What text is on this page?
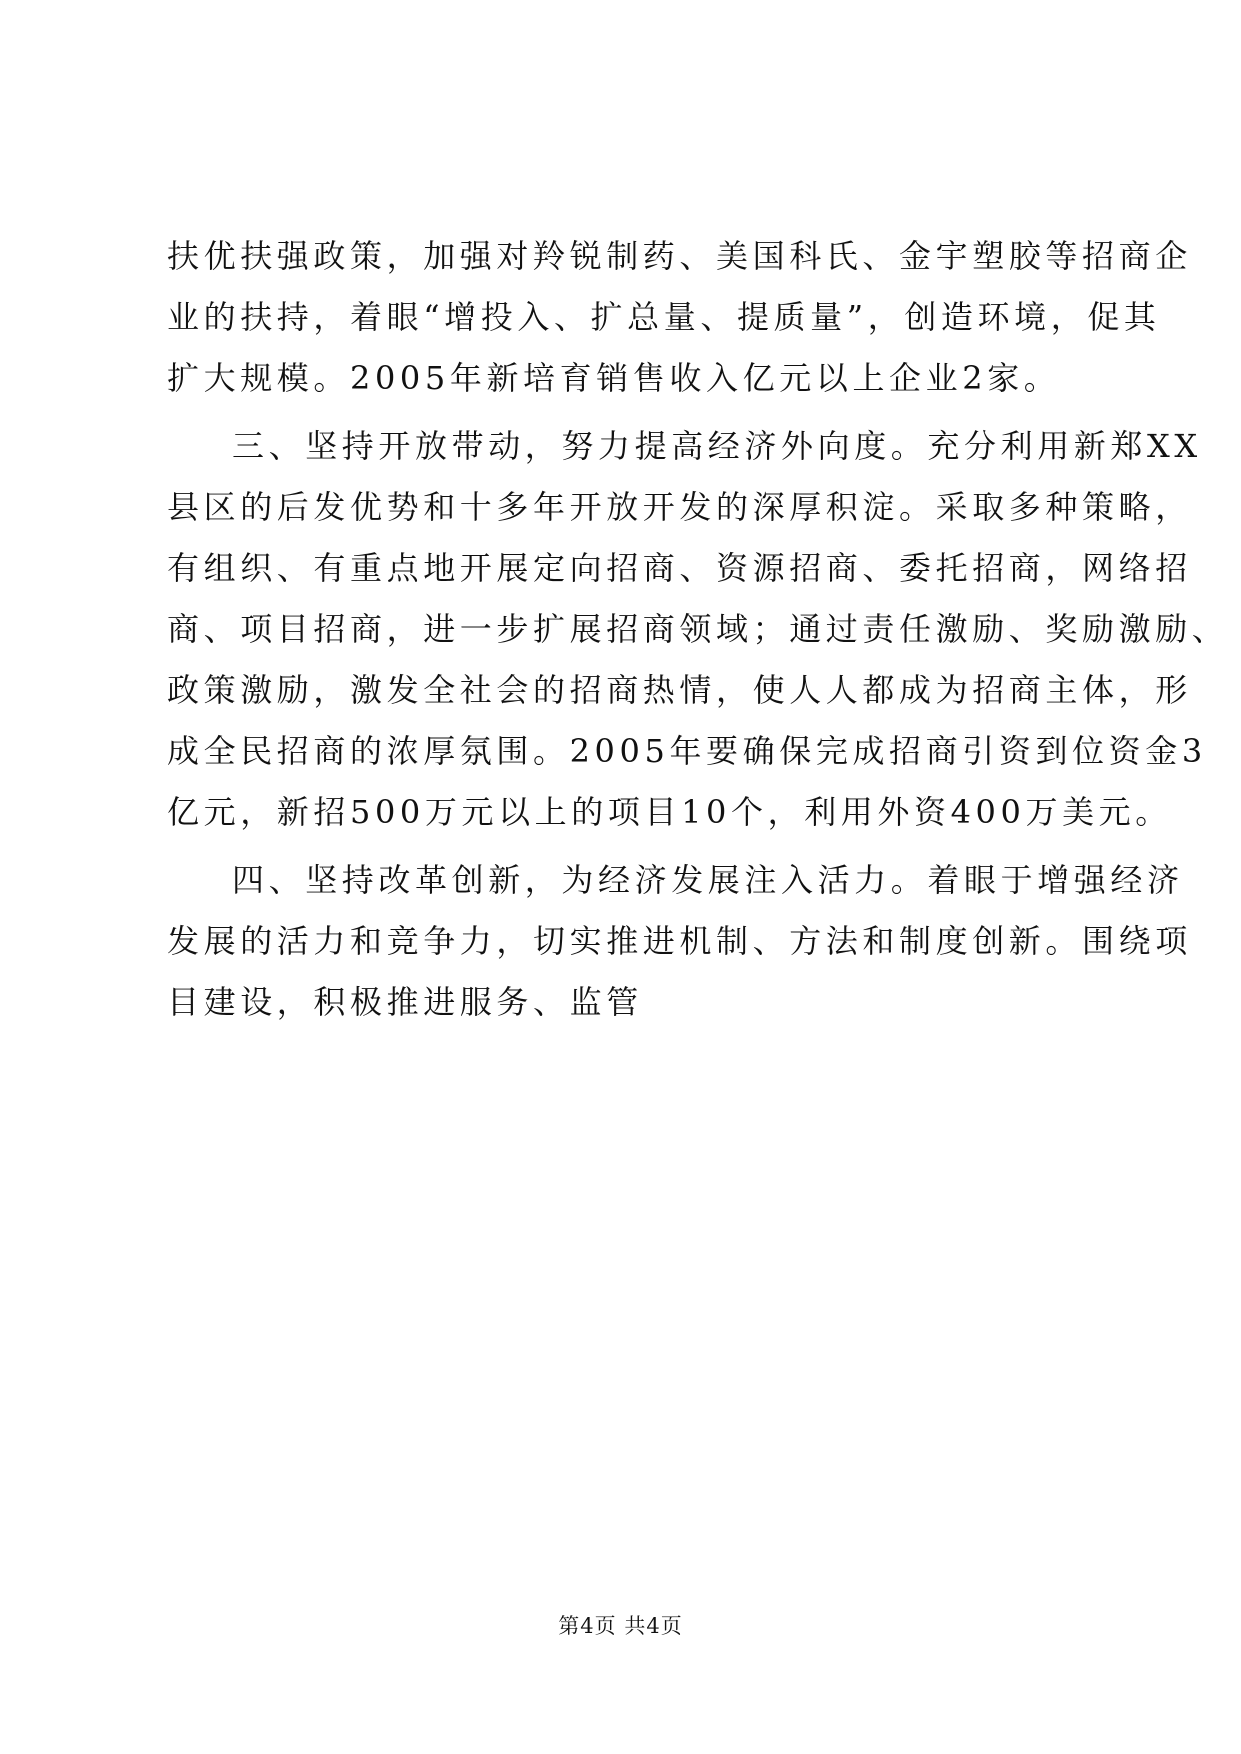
扶优扶强政策，加强对羚锐制药、美国科氏、金宇塑胶等招商企
业的扶持，着眼“增投入、扩总量、提质量”，创造环境，促其
扩大规模。2005年新培育销售收入亿元以上企业2家。
三、坚持开放带动，努力提高经济外向度。充分利用新郑XX
县区的后发优势和十多年开放开发的深厚积淀。采取多种策略，
有组织、有重点地开展定向招商、资源招商、委托招商，网络招
商、项目招商，进一步扩展招商领域；通过责任激励、奖励激励、
政策激励，激发全社会的招商热情，使人人都成为招商主体，形
成全民招商的浓厚氛围。2005年要确保完成招商引资到位资金3
亿元，新招500万元以上的项目10个，利用外资400万美元。
四、坚持改革创新，为经济发展注入活力。着眼于增强经济
发展的活力和竞争力，切实推进机制、方法和制度创新。围绕项
目建设，积极推进服务、监管
第4页 共4页
